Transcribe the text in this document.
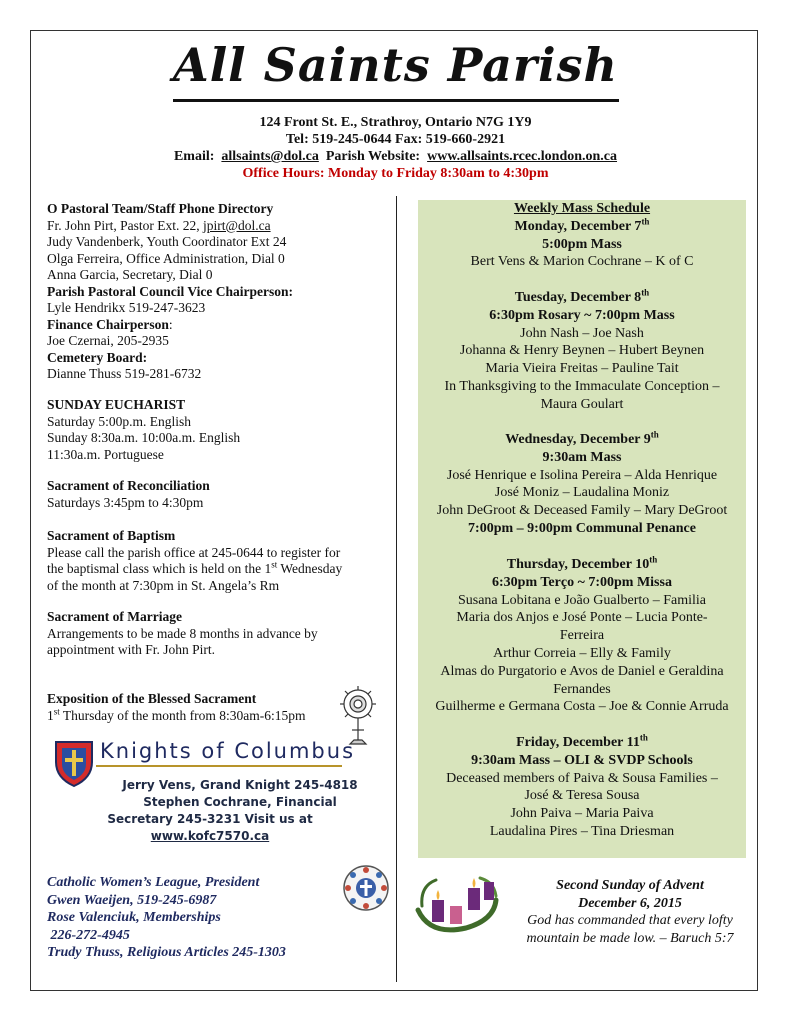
All Saints Parish
124 Front St. E., Strathroy, Ontario N7G 1Y9
Tel: 519-245-0644 Fax: 519-660-2921
Email: allsaints@dol.ca Parish Website: www.allsaints.rcec.london.on.ca
Office Hours: Monday to Friday 8:30am to 4:30pm
O Pastoral Team/Staff Phone Directory
Fr. John Pirt, Pastor Ext. 22, jpirt@dol.ca
Judy Vandenberk, Youth Coordinator Ext 24
Olga Ferreira, Office Administration, Dial 0
Anna Garcia, Secretary, Dial 0
Parish Pastoral Council Vice Chairperson:
Lyle Hendrikx 519-247-3623
Finance Chairperson:
Joe Czernai, 205-2935
Cemetery Board:
Dianne Thuss 519-281-6732
SUNDAY EUCHARIST
Saturday 5:00p.m. English
Sunday 8:30a.m. 10:00a.m. English
11:30a.m. Portuguese
Sacrament of Reconciliation
Saturdays 3:45pm to 4:30pm
Sacrament of Baptism
Please call the parish office at 245-0644 to register for
the baptismal class which is held on the 1st Wednesday
of the month at 7:30pm in St. Angela’s Rm
Sacrament of Marriage
Arrangements to be made 8 months in advance by
appointment with Fr. John Pirt.
Exposition of the Blessed Sacrament
1st Thursday of the month from 8:30am-6:15pm
Knights of Columbus
Jerry Vens, Grand Knight 245-4818
Stephen Cochrane, Financial
Secretary 245-3231 Visit us at
www.kofc7570.ca
Catholic Women’s League, President
Gwen Waeijen, 519-245-6987
Rose Valenciuk, Memberships
226-272-4945
Trudy Thuss, Religious Articles 245-1303
Weekly Mass Schedule
Monday, December 7th
5:00pm Mass
Bert Vens & Marion Cochrane – K of C
Tuesday, December 8th
6:30pm Rosary ~ 7:00pm Mass
John Nash – Joe Nash
Johanna & Henry Beynen – Hubert Beynen
Maria Vieira Freitas – Pauline Tait
In Thanksgiving to the Immaculate Conception –
Maura Goulart
Wednesday, December 9th
9:30am Mass
José Henrique e Isolina Pereira – Alda Henrique
José Moniz – Laudalina Moniz
John DeGroot & Deceased Family – Mary DeGroot
7:00pm – 9:00pm Communal Penance
Thursday, December 10th
6:30pm Terço ~ 7:00pm Missa
Susana Lobitana e João Gualberto – Familia
Maria dos Anjos e José Ponte – Lucia Ponte-
Ferreira
Arthur Correia – Elly & Family
Almas do Purgatorio e Avos de Daniel e Geraldina
Fernandes
Guilherme e Germana Costa – Joe & Connie Arruda
Friday, December 11th
9:30am Mass – OLI & SVDP Schools
Deceased members of Paiva & Sousa Families –
José & Teresa Sousa
John Paiva – Maria Paiva
Laudalina Pires – Tina Driesman
Second Sunday of Advent
December 6, 2015
God has commanded that every lofty
mountain be made low. – Baruch 5:7
